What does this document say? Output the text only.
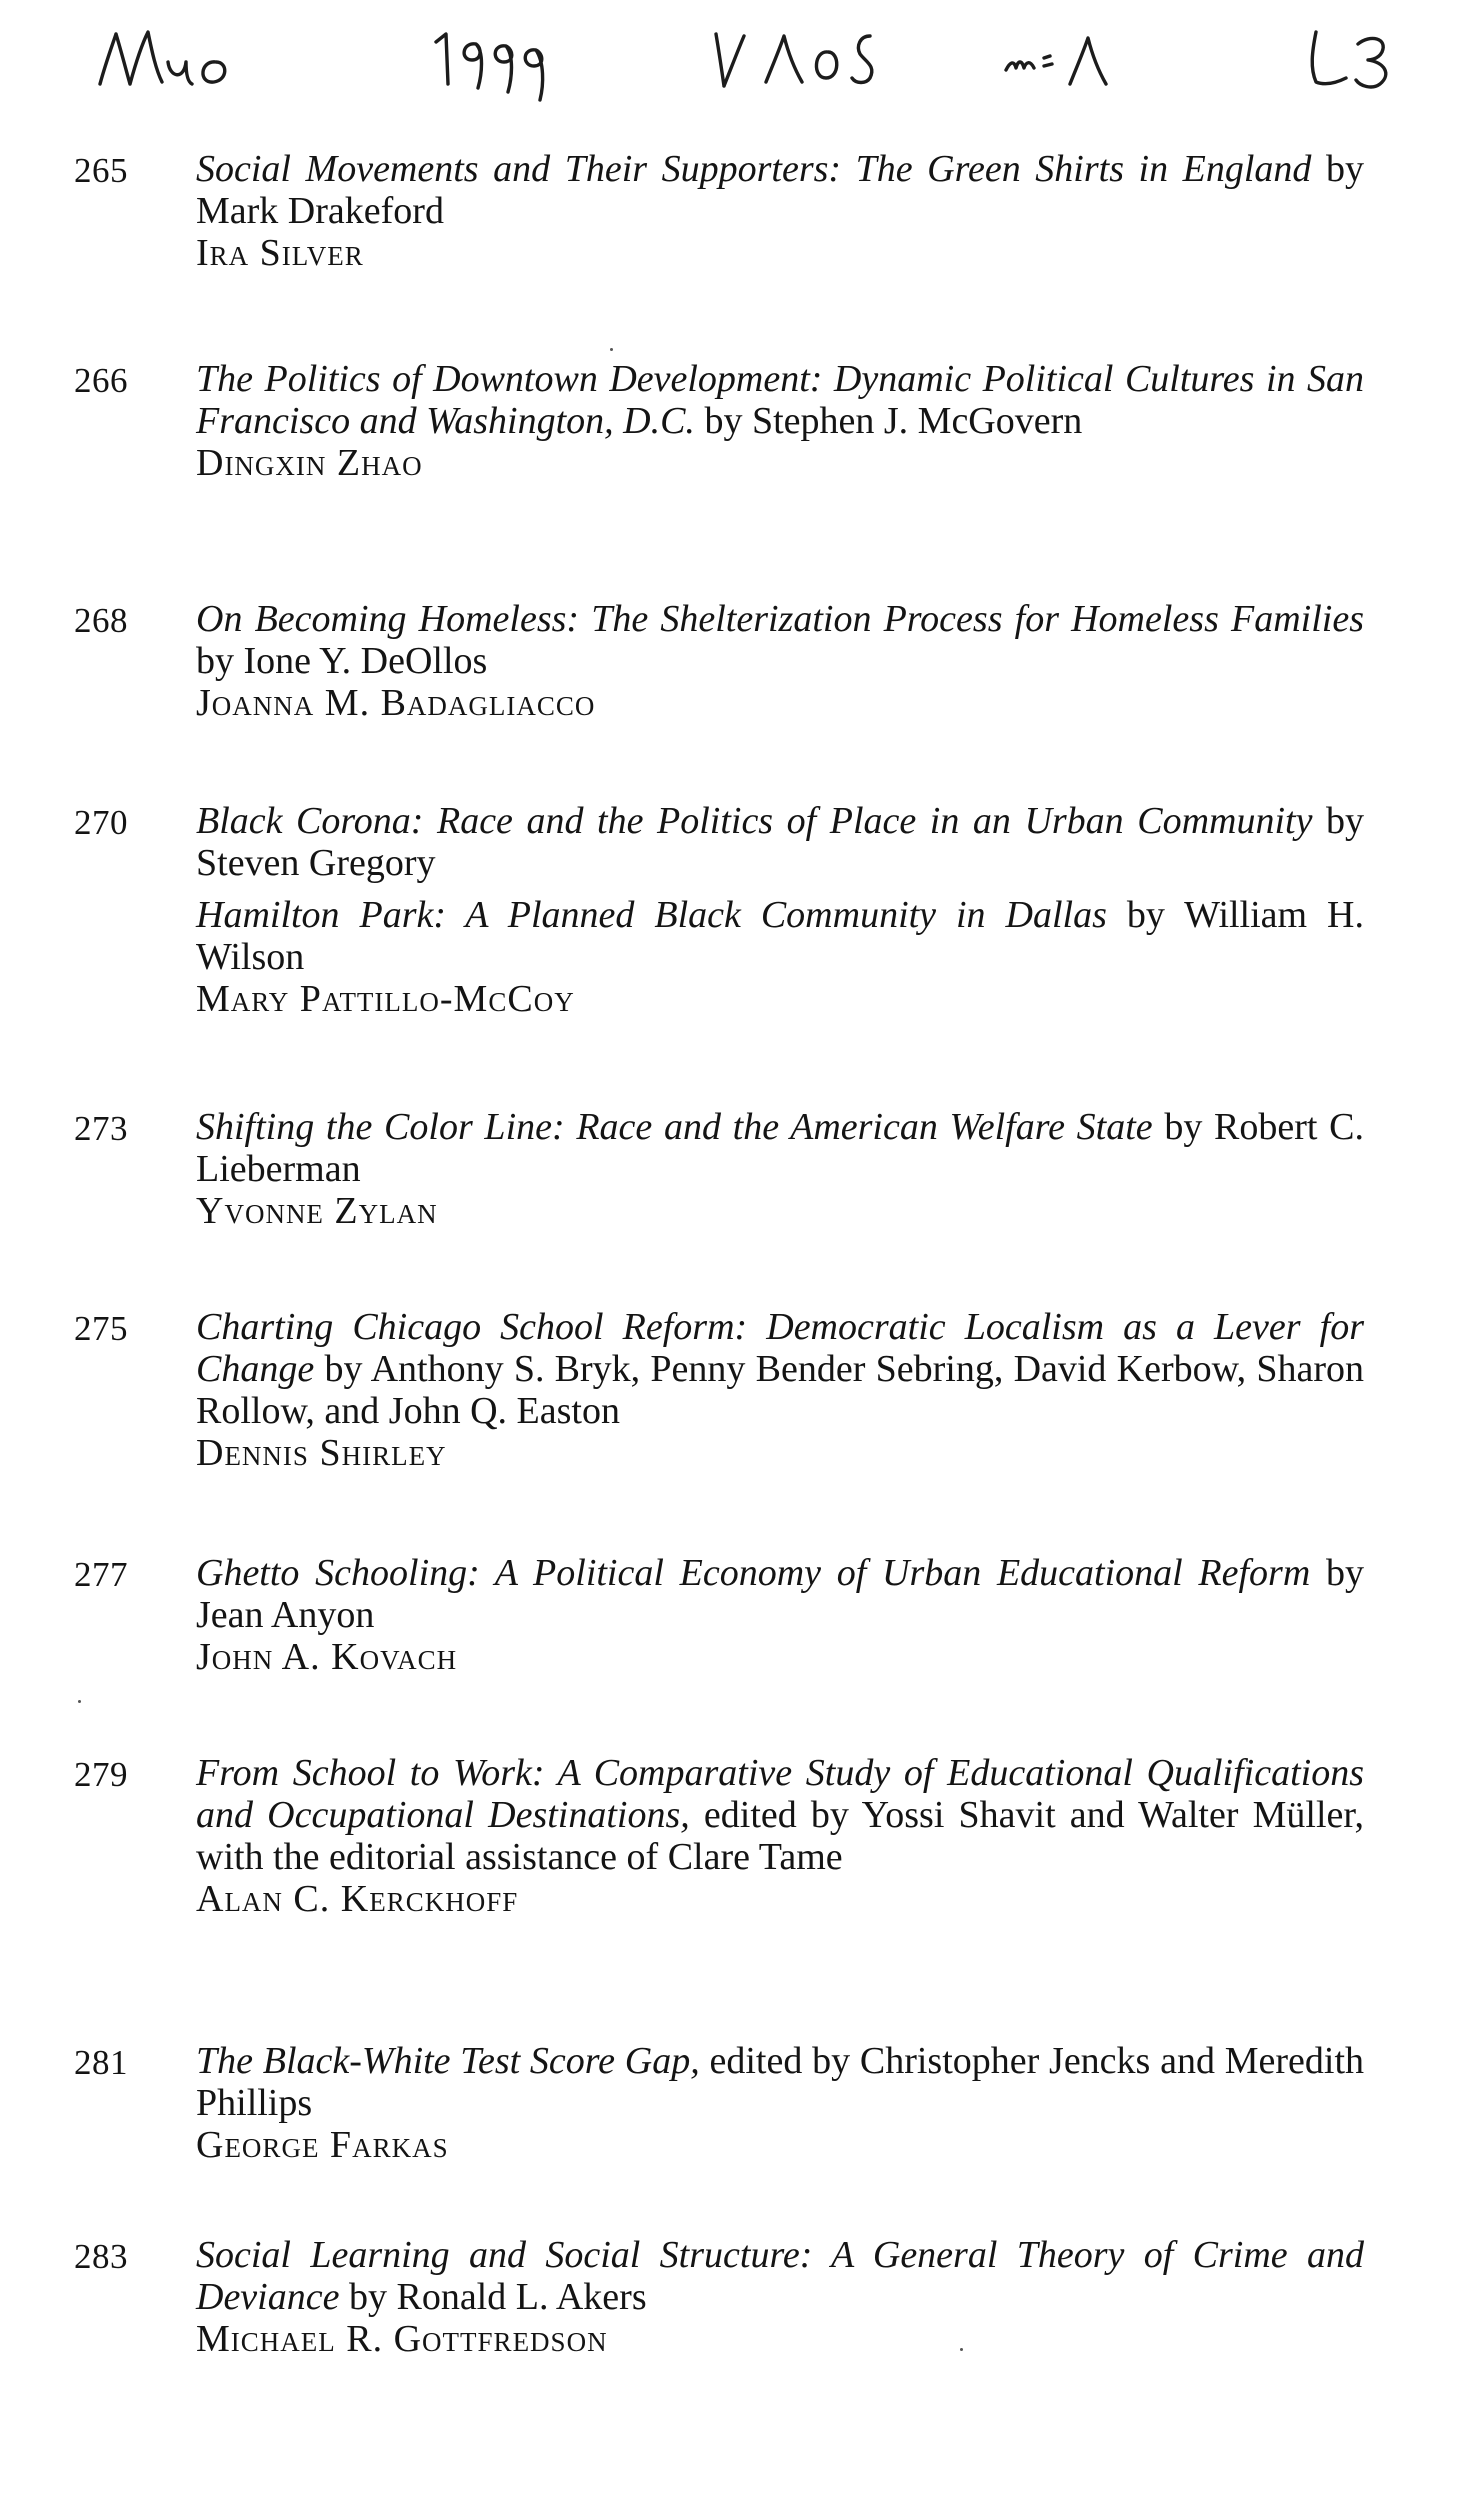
265 Social Movements and Their Supporters: The Green Shirts in England by Mark Drakeford

Ira Silver

266 The Politics of Downtown Development: Dynamic Political Cultures in San Francisco and Washington, D.C. by Stephen J. McGovern

Dingxin Zhao

268 On Becoming Homeless: The Shelterization Process for Homeless Families by Ione Y. DeOllos

Joanna M. Badagliacco

270 Black Corona: Race and the Politics of Place in an Urban Community by Steven Gregory

Hamilton Park: A Planned Black Community in Dallas by William H. Wilson

Mary Pattillo-McCoy

273 Shifting the Color Line: Race and the American Welfare State by Robert C. Lieberman

Yvonne Zylan

275 Charting Chicago School Reform: Democratic Localism as a Lever for Change by Anthony S. Bryk, Penny Bender Sebring, David Kerbow, Sharon Rollow, and John Q. Easton

Dennis Shirley

277 Ghetto Schooling: A Political Economy of Urban Educational Reform by Jean Anyon

John A. Kovach

279 From School to Work: A Comparative Study of Educational Qualifications and Occupational Destinations, edited by Yossi Shavit and Walter Müller, with the editorial assistance of Clare Tame

Alan C. Kerckhoff

281 The Black-White Test Score Gap, edited by Christopher Jencks and Meredith Phillips

George Farkas

283 Social Learning and Social Structure: A General Theory of Crime and Deviance by Ronald L. Akers

Michael R. Gottfredson
